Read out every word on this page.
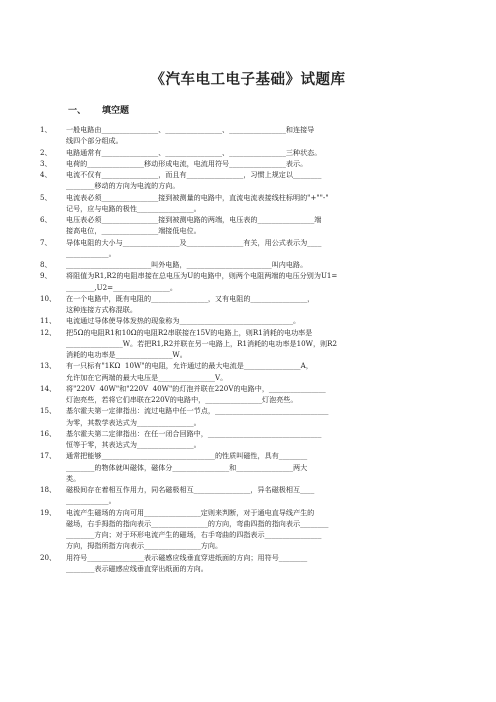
《汽车电工电子基础》试题库
一、 填空题
1、	一般电路由________________、________________、________________和连接导
线四个部分组成。
2、	电路通常有________________、________________、________________三种状态。
3、	电荷的________________移动形成电流，电流用符号________________表示。
4、	电流不仅有________________，而且有________________，习惯上规定以________
________移动的方向为电流的方向。
5、	电流表必须________________接到被测量的电路中，直流电流表接线柱标明的"+""-"
记号，应与电路的极性________________。
6、	电压表必须________________接到被测电路的两端，电压表的________________端
接高电位，________________端接低电位。
7、	导体电阻的大小与________________及________________有关，用公式表示为____
____________。
8、	________________________叫外电路，________________________叫内电路。
9、	将阻值为R1,R2的电阻串接在总电压为U的电路中，则两个电阻两端的电压分别为U1=
________,U2=________________。
10、	在一个电路中，既有电阻的________________，又有电阻的________________，
这种连接方式称混联。
11、	电流通过导体使导体发热的现象称为________________________________。
12、	把5Ω的电阻R1和10Ω的电阻R2串联接在15V的电路上，则R1消耗的电功率是
________________W。若把R1,R2并联在另一电路上，R1消耗的电功率是10W，则R2
消耗的电功率是________________W。
13、	有一只标有"1KΩ  10W"的电阻，允许通过的最大电流是________________A，
允许加在它两端的最大电压是________________V。
14、	将"220V  40W"和"220V  40W"的灯泡并联在220V的电路中，________________
灯泡亮些，若将它们串联在220V的电路中，________________灯泡亮些。
15、	基尔霍夫第一定律指出：流过电路中任一节点，________________________________
为零，其数学表达式为________________。
16、	基尔霍夫第二定律指出：在任一闭合回路中，________________________________
恒等于零，其表达式为________________。
17、	通常把能够________________________________的性质叫磁性，具有________
________的物体就叫磁体，磁体分________________和________________两大
类。
18、	磁极间存在着相互作用力，同名磁极相互________________，异名磁极相互____
____________。
19、	电流产生磁场的方向可用________________定则来判断，对于通电直导线产生的
磁场，右手拇指的指向表示________________的方向，弯曲四指的指向表示________
________方向；对于环形电流产生的磁场，右手弯曲的四指表示________________
方向，拇指所指方向表示________________方向。
20、	用符号________________表示磁感应线垂直穿进纸面的方向；用符号________
________表示磁感应线垂直穿出纸面的方向。
